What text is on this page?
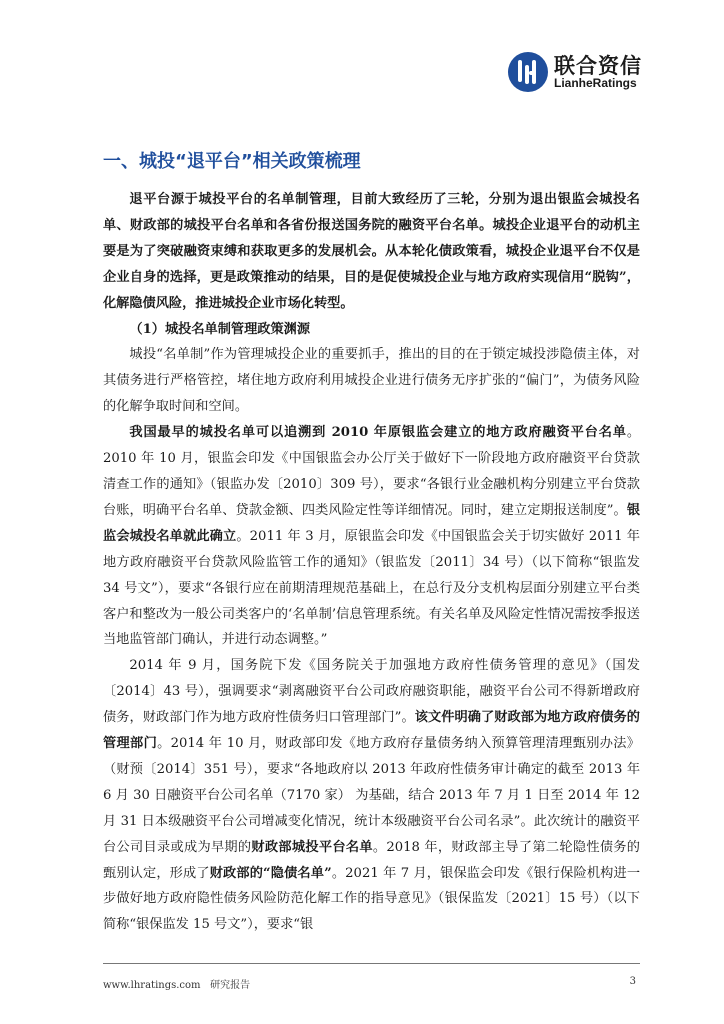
联合资信
LianheRatings
一、城投“退平台”相关政策梳理

退平台源于城投平台的名单制管理，目前大致经历了三轮，分别为退出银监会城投名单、财政部的城投平台名单和各省份报送国务院的融资平台名单。城投企业退平台的动机主要是为了突破融资束缚和获取更多的发展机会。从本轮化债政策看，城投企业退平台不仅是企业自身的选择，更是政策推动的结果，目的是促使城投企业与地方政府实现信用“脱钩”，化解隐债风险，推进城投企业市场化转型。

（1）城投名单制管理政策渊源

城投“名单制”作为管理城投企业的重要抓手，推出的目的在于锁定城投涉隐债主体，对其债务进行严格管控，堵住地方政府利用城投企业进行债务无序扩张的“偏门”，为债务风险的化解争取时间和空间。

我国最早的城投名单可以追溯到 2010 年原银监会建立的地方政府融资平台名单。2010 年 10 月，银监会印发《中国银监会办公厅关于做好下一阶段地方政府融资平台贷款清查工作的通知》（银监办发〔2010〕309 号），要求“各银行业金融机构分别建立平台贷款台账，明确平台名单、贷款金额、四类风险定性等详细情况。同时，建立定期报送制度”。银监会城投名单就此确立。2011 年 3 月，原银监会印发《中国银监会关于切实做好 2011 年地方政府融资平台贷款风险监管工作的通知》（银监发〔2011〕34 号）（以下简称“银监发 34 号文”），要求“各银行应在前期清理规范基础上，在总行及分支机构层面分别建立平台类客户和整改为一般公司类客户的‘名单制’信息管理系统。有关名单及风险定性情况需按季报送当地监管部门确认，并进行动态调整。”

2014 年 9 月，国务院下发《国务院关于加强地方政府性债务管理的意见》（国发〔2014〕43 号），强调要求“剥离融资平台公司政府融资职能，融资平台公司不得新增政府债务，财政部门作为地方政府性债务归口管理部门”。该文件明确了财政部为地方政府债务的管理部门。2014 年 10 月，财政部印发《地方政府存量债务纳入预算管理清理甄别办法》（财预〔2014〕351 号），要求“各地政府以 2013 年政府性债务审计确定的截至 2013 年 6 月 30 日融资平台公司名单（7170 家） 为基础，结合 2013 年 7 月 1 日至 2014 年 12 月 31 日本级融资平台公司增减变化情况，统计本级融资平台公司名录”。此次统计的融资平台公司目录或成为早期的财政部城投平台名单。2018 年，财政部主导了第二轮隐性债务的甄别认定，形成了财政部的“隐债名单”。2021 年 7 月，银保监会印发《银行保险机构进一步做好地方政府隐性债务风险防范化解工作的指导意见》（银保监发〔2021〕15 号）（以下简称“银保监发 15 号文”），要求“银

www.lhratings.com 研究报告	3
